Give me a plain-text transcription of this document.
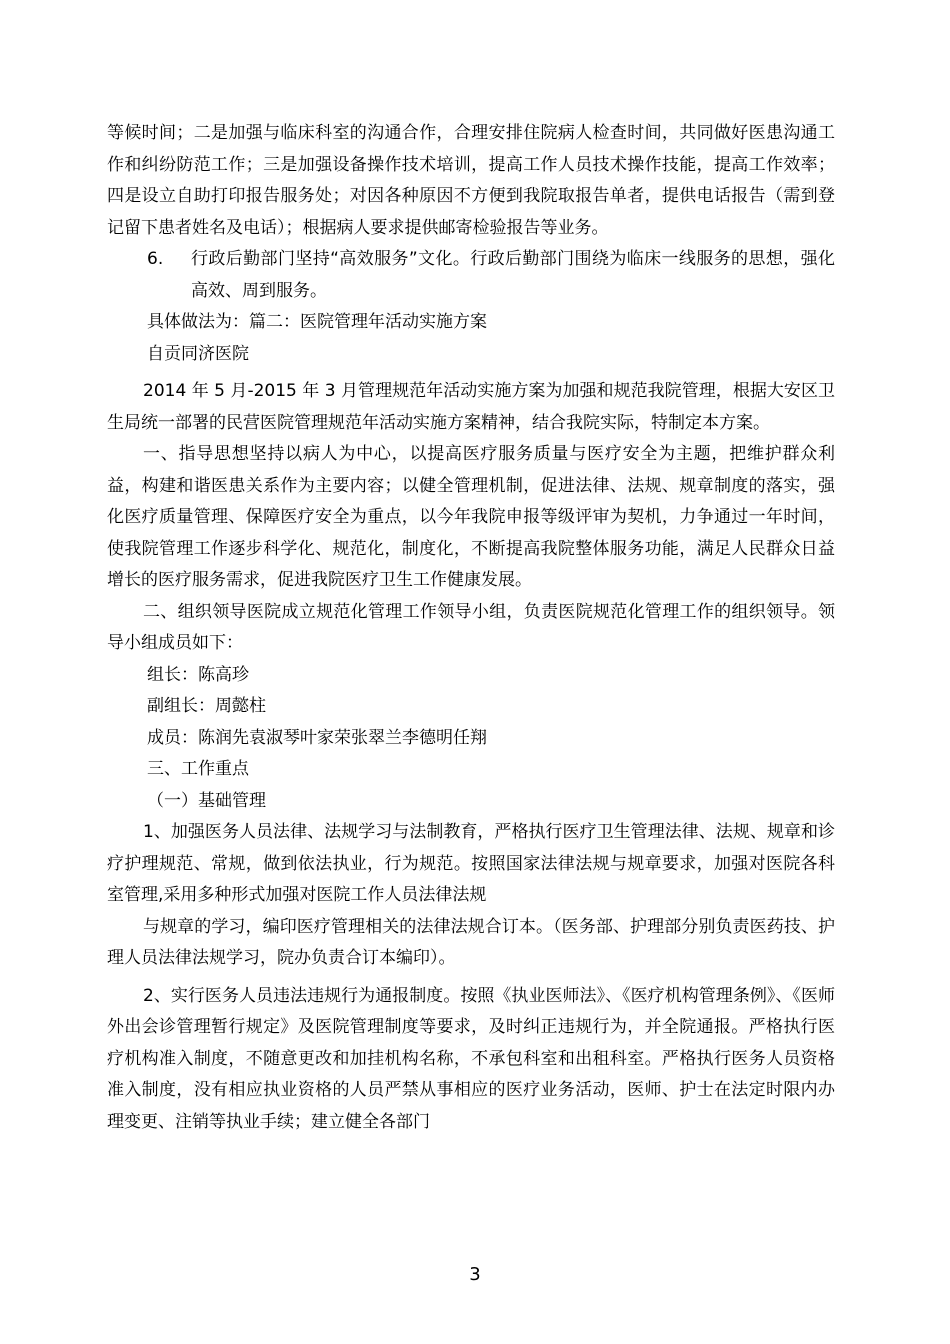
等候时间；二是加强与临床科室的沟通合作，合理安排住院病人检查时间，共同做好医患沟通工作和纠纷防范工作；三是加强设备操作技术培训，提高工作人员技术操作技能，提高工作效率；四是设立自助打印报告服务处；对因各种原因不方便到我院取报告单者，提供电话报告（需到登记留下患者姓名及电话）；根据病人要求提供邮寄检验报告等业务。

6.	行政后勤部门坚持“高效服务”文化。行政后勤部门围绕为临床一线服务的思想，强化高效、周到服务。

具体做法为：篇二：医院管理年活动实施方案

自贡同济医院

2014 年 5 月-2015 年 3 月管理规范年活动实施方案为加强和规范我院管理，根据大安区卫生局统一部署的民营医院管理规范年活动实施方案精神，结合我院实际，特制定本方案。

一、指导思想坚持以病人为中心，以提高医疗服务质量与医疗安全为主题，把维护群众利益，构建和谐医患关系作为主要内容；以健全管理机制，促进法律、法规、规章制度的落实，强化医疗质量管理、保障医疗安全为重点，以今年我院申报等级评审为契机，力争通过一年时间，使我院管理工作逐步科学化、规范化，制度化，不断提高我院整体服务功能，满足人民群众日益增长的医疗服务需求，促进我院医疗卫生工作健康发展。

二、组织领导医院成立规范化管理工作领导小组，负责医院规范化管理工作的组织领导。领导小组成员如下：

组长：陈高珍

副组长：周懿柱

成员：陈润先袁淑琴叶家荣张翠兰李德明任翔

三、工作重点

（一）基础管理

1、加强医务人员法律、法规学习与法制教育，严格执行医疗卫生管理法律、法规、规章和诊疗护理规范、常规，做到依法执业，行为规范。按照国家法律法规与规章要求，加强对医院各科室管理,采用多种形式加强对医院工作人员法律法规

与规章的学习，编印医疗管理相关的法律法规合订本。（医务部、护理部分别负责医药技、护理人员法律法规学习，院办负责合订本编印）。

2、实行医务人员违法违规行为通报制度。按照《执业医师法》、《医疗机构管理条例》、《医师外出会诊管理暂行规定》及医院管理制度等要求，及时纠正违规行为，并全院通报。严格执行医疗机构准入制度，不随意更改和加挂机构名称，不承包科室和出租科室。严格执行医务人员资格准入制度，没有相应执业资格的人员严禁从事相应的医疗业务活动，医师、护士在法定时限内办理变更、注销等执业手续；建立健全各部门

3
